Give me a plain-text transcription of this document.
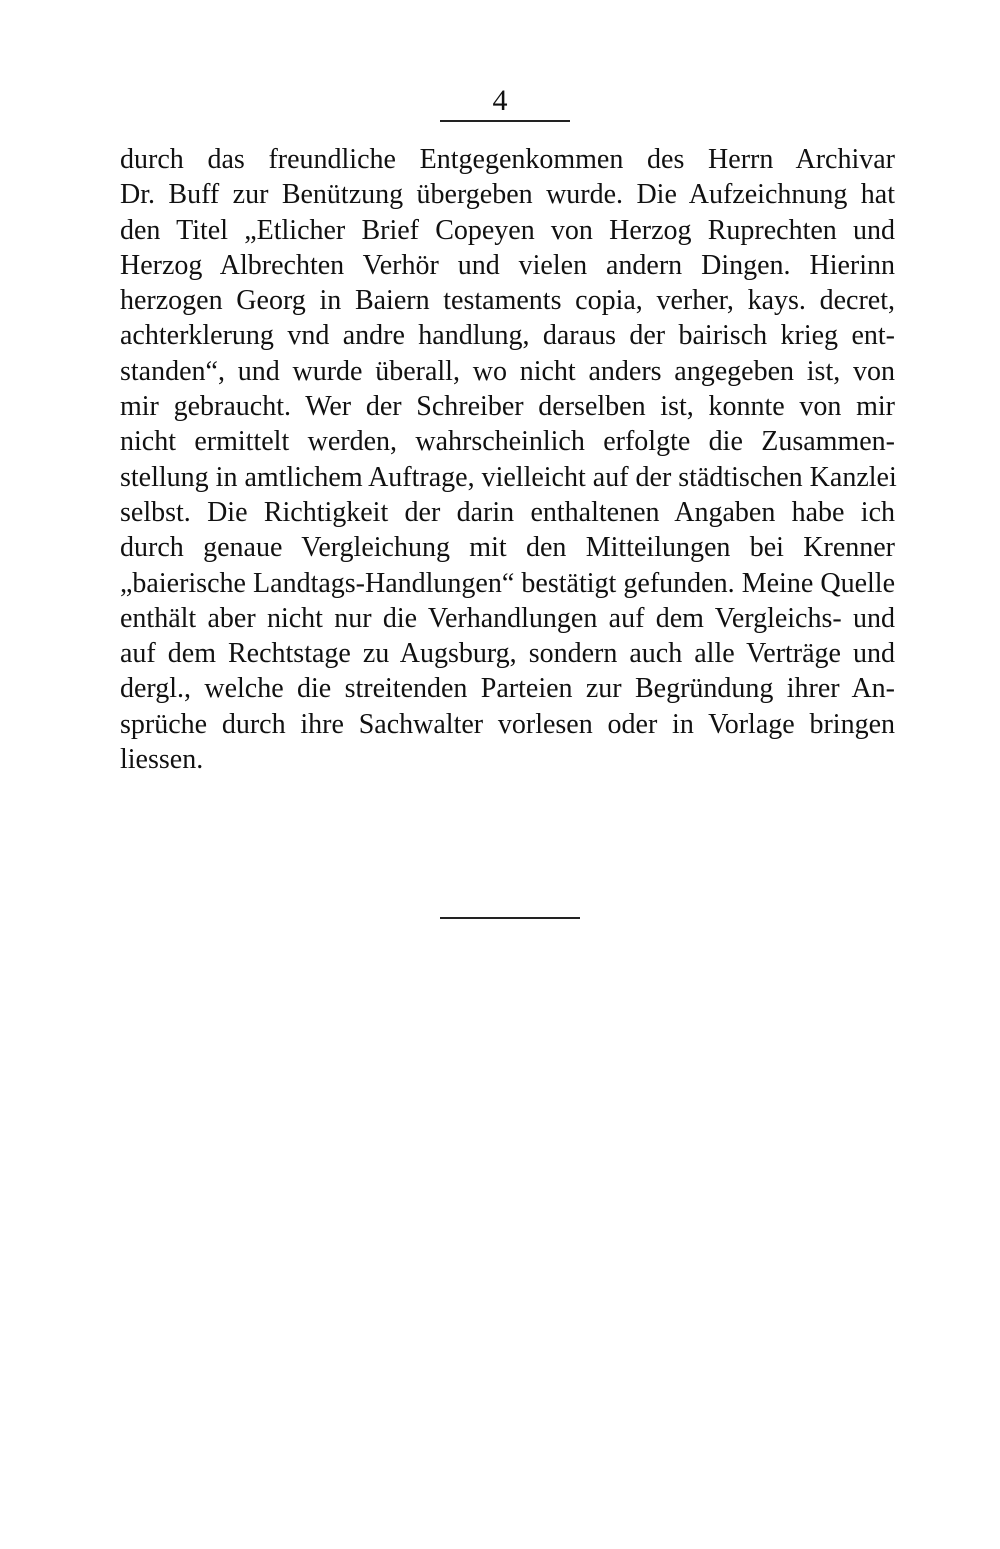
4
durch das freundliche Entgegenkommen des Herrn Archivar
Dr. Buff zur Benützung übergeben wurde. Die Aufzeichnung hat
den Titel „Etlicher Brief Copeyen von Herzog Ruprechten und
Herzog Albrechten Verhör und vielen andern Dingen. Hierinn
herzogen Georg in Baiern testaments copia, verher, kays. decret,
achterklerung vnd andre handlung, daraus der bairisch krieg ent-
standen“, und wurde überall, wo nicht anders angegeben ist, von
mir gebraucht. Wer der Schreiber derselben ist, konnte von mir
nicht ermittelt werden, wahrscheinlich erfolgte die Zusammen-
stellung in amtlichem Auftrage, vielleicht auf der städtischen Kanzlei
selbst. Die Richtigkeit der darin enthaltenen Angaben habe ich
durch genaue Vergleichung mit den Mitteilungen bei Krenner
„baierische Landtags-Handlungen“ bestätigt gefunden. Meine Quelle
enthält aber nicht nur die Verhandlungen auf dem Vergleichs- und
auf dem Rechtstage zu Augsburg, sondern auch alle Verträge und
dergl., welche die streitenden Parteien zur Begründung ihrer An-
sprüche durch ihre Sachwalter vorlesen oder in Vorlage bringen
liessen.
